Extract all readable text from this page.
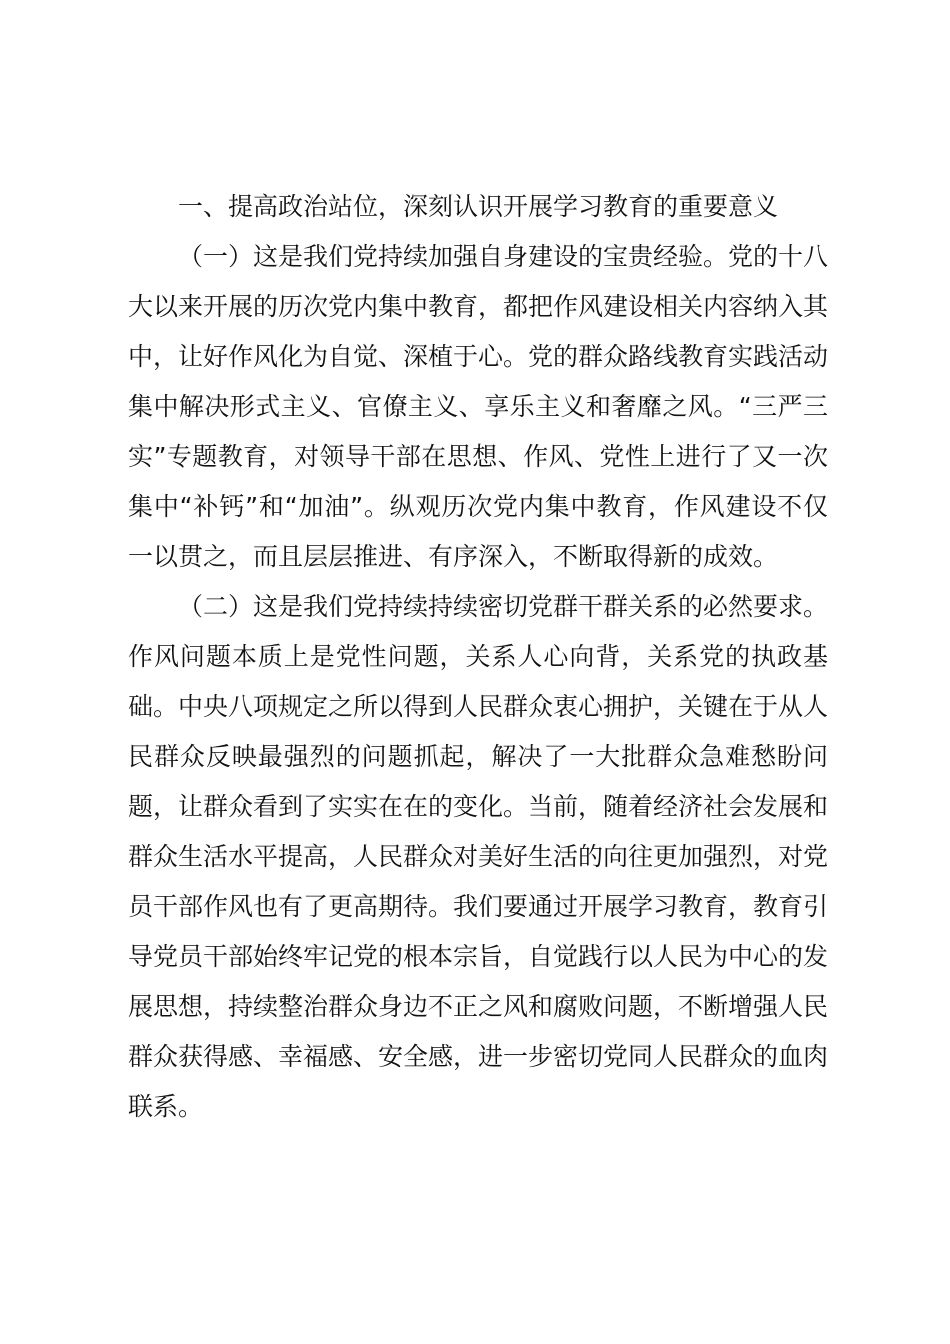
一、提高政治站位，深刻认识开展学习教育的重要意义

（一）这是我们党持续加强自身建设的宝贵经验。党的十八大以来开展的历次党内集中教育，都把作风建设相关内容纳入其中，让好作风化为自觉、深植于心。党的群众路线教育实践活动集中解决形式主义、官僚主义、享乐主义和奢靡之风。“三严三实”专题教育，对领导干部在思想、作风、党性上进行了又一次集中“补钙”和“加油”。纵观历次党内集中教育，作风建设不仅一以贯之，而且层层推进、有序深入，不断取得新的成效。

（二）这是我们党持续持续密切党群干群关系的必然要求。作风问题本质上是党性问题，关系人心向背，关系党的执政基础。中央八项规定之所以得到人民群众衷心拥护，关键在于从人民群众反映最强烈的问题抓起，解决了一大批群众急难愁盼问题，让群众看到了实实在在的变化。当前，随着经济社会发展和群众生活水平提高，人民群众对美好生活的向往更加强烈，对党员干部作风也有了更高期待。我们要通过开展学习教育，教育引导党员干部始终牢记党的根本宗旨，自觉践行以人民为中心的发展思想，持续整治群众身边不正之风和腐败问题，不断增强人民群众获得感、幸福感、安全感，进一步密切党同人民群众的血肉联系。
